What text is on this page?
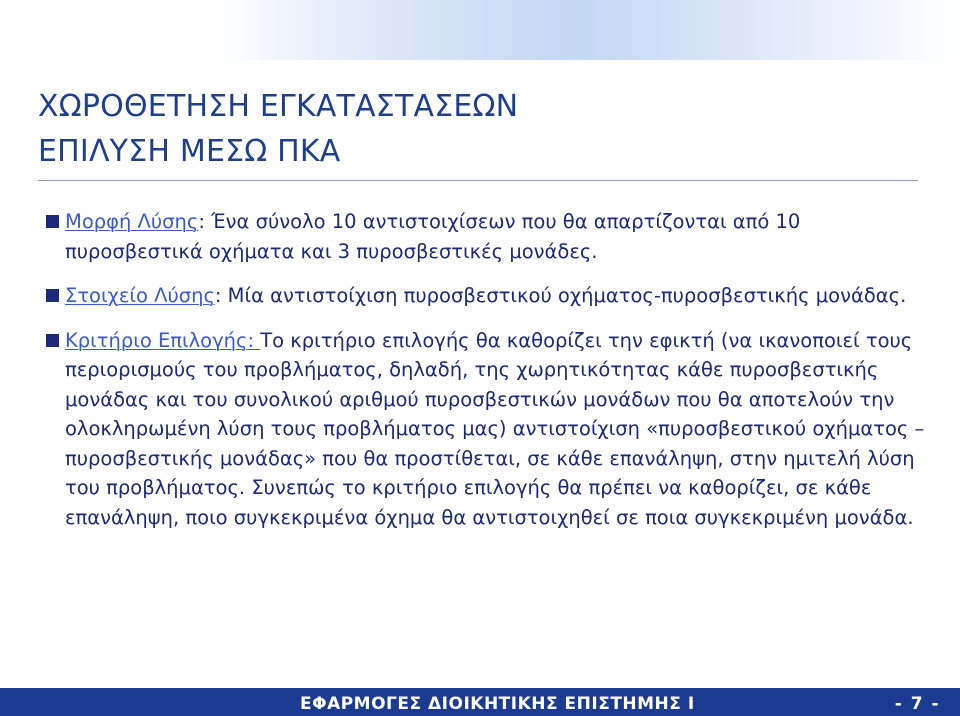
ΧΩΡΟΘΕΤΗΣΗ ΕΓΚΑΤΑΣΤΑΣΕΩΝ
ΕΠΙΛΥΣΗ ΜΕΣΩ ΠΚΑ

Μορφή Λύσης: Ένα σύνολο 10 αντιστοιχίσεων που θα απαρτίζονται από 10 πυροσβεστικά οχήματα και 3 πυροσβεστικές μονάδες.

Στοιχείο Λύσης: Μία αντιστοίχιση πυροσβεστικού οχήματος-πυροσβεστικής μονάδας.

Κριτήριο Επιλογής: Το κριτήριο επιλογής θα καθορίζει την εφικτή (να ικανοποιεί τους περιορισμούς του προβλήματος, δηλαδή, της χωρητικότητας κάθε πυροσβεστικής μονάδας και του συνολικού αριθμού πυροσβεστικών μονάδων που θα αποτελούν την ολοκληρωμένη λύση τους προβλήματος μας) αντιστοίχιση «πυροσβεστικού οχήματος – πυροσβεστικής μονάδας» που θα προστίθεται, σε κάθε επανάληψη, στην ημιτελή λύση του προβλήματος. Συνεπώς το κριτήριο επιλογής θα πρέπει να καθορίζει, σε κάθε επανάληψη, ποιο συγκεκριμένα όχημα θα αντιστοιχηθεί σε ποια συγκεκριμένη μονάδα.

ΕΦΑΡΜΟΓΕΣ ΔΙΟΙΚΗΤΙΚΗΣ ΕΠΙΣΤΗΜΗΣ Ι	- 7 -
